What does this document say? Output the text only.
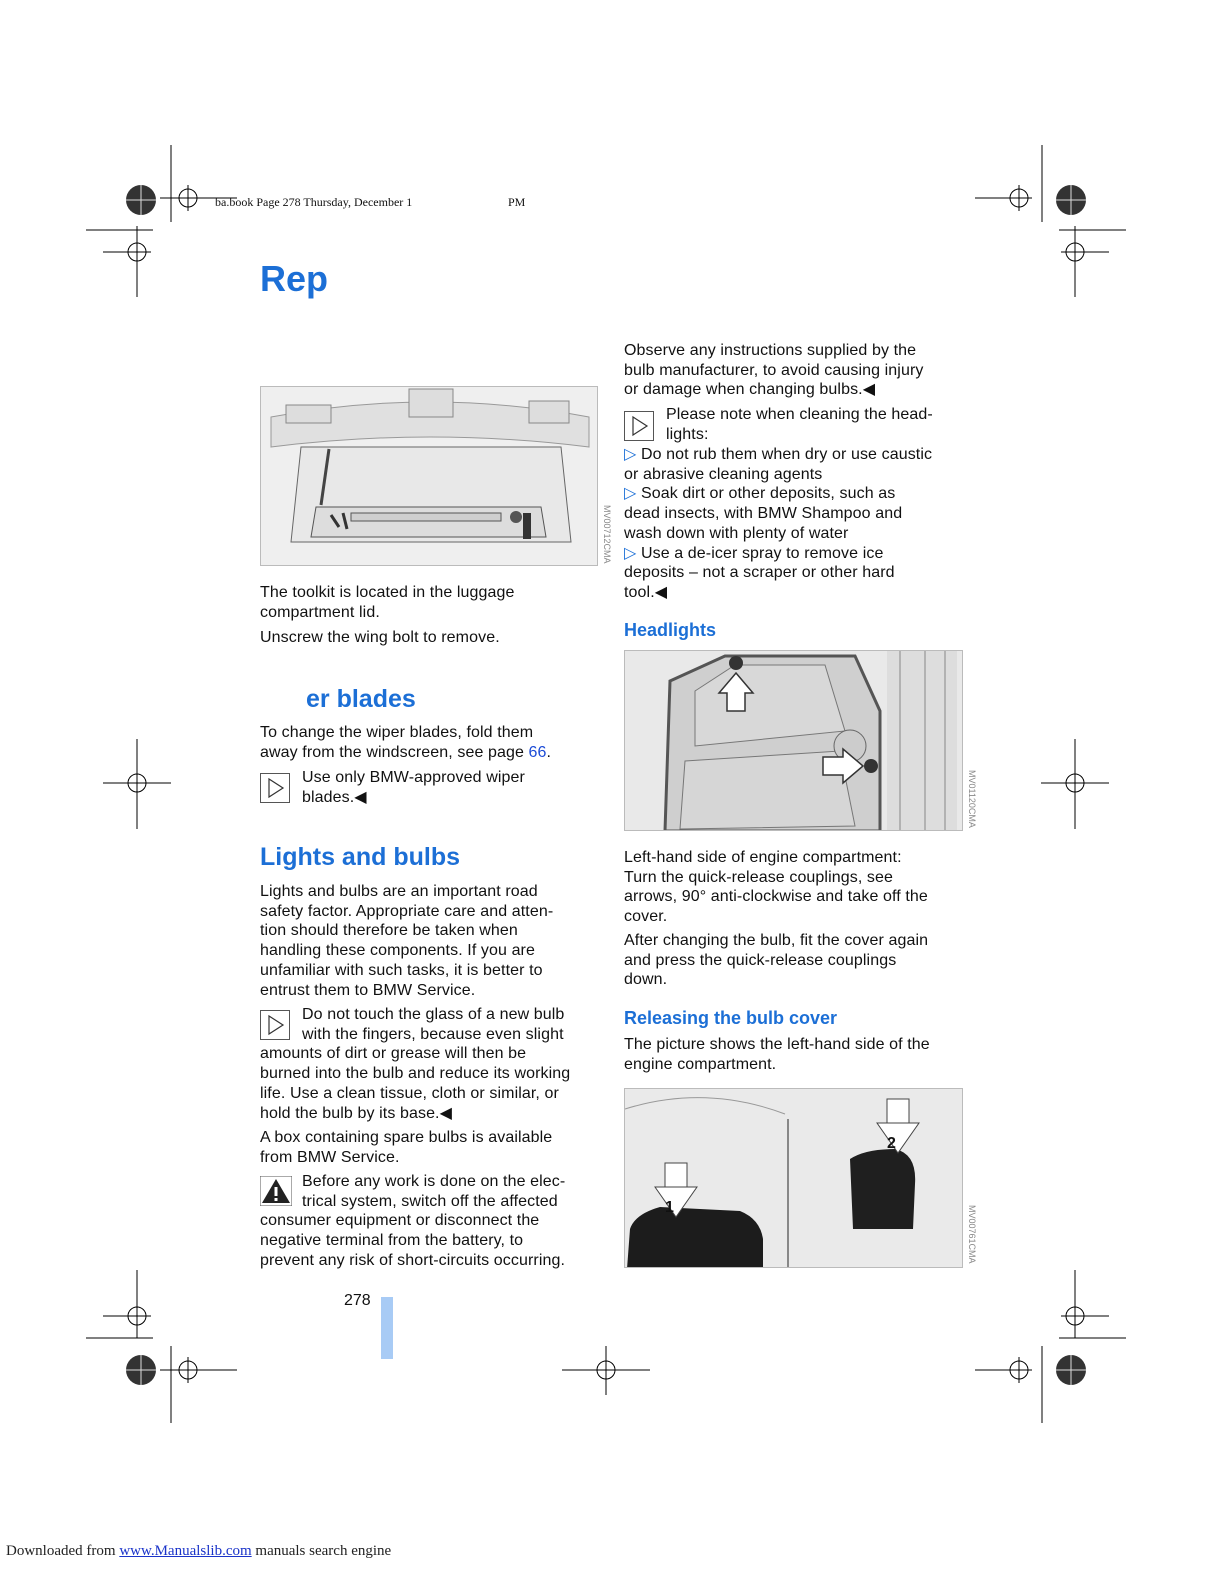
ba.book Page 278 Thursday, December 1	PM
Rep
MV00712CMA
The toolkit is located in the luggage
compartment lid.
Unscrew the wing bolt to remove.
er blades
To change the wiper blades, fold them
away from the windscreen, see page 66.
Use only BMW-approved wiper
blades.◀
Lights and bulbs
Lights and bulbs are an important road
safety factor. Appropriate care and atten-
tion should therefore be taken when
handling these components. If you are
unfamiliar with such tasks, it is better to
entrust them to BMW Service.
Do not touch the glass of a new bulb
with the fingers, because even slight
amounts of dirt or grease will then be
burned into the bulb and reduce its working
life. Use a clean tissue, cloth or similar, or
hold the bulb by its base.◀
A box containing spare bulbs is available
from BMW Service.
Before any work is done on the elec-
trical system, switch off the affected
consumer equipment or disconnect the
negative terminal from the battery, to
prevent any risk of short-circuits occurring.
Observe any instructions supplied by the
bulb manufacturer, to avoid causing injury
or damage when changing bulbs.◀
Please note when cleaning the head-
lights:
▷ Do not rub them when dry or use caustic
or abrasive cleaning agents
▷ Soak dirt or other deposits, such as
dead insects, with BMW Shampoo and
wash down with plenty of water
▷ Use a de-icer spray to remove ice
deposits – not a scraper or other hard
tool.◀
Headlights
MV01120CMA
Left-hand side of engine compartment:
Turn the quick-release couplings, see
arrows, 90° anti-clockwise and take off the
cover.
After changing the bulb, fit the cover again
and press the quick-release couplings
down.
Releasing the bulb cover
The picture shows the left-hand side of the
engine compartment.
1
2
MV00761CMA
278
Downloaded from www.Manualslib.com manuals search engine
